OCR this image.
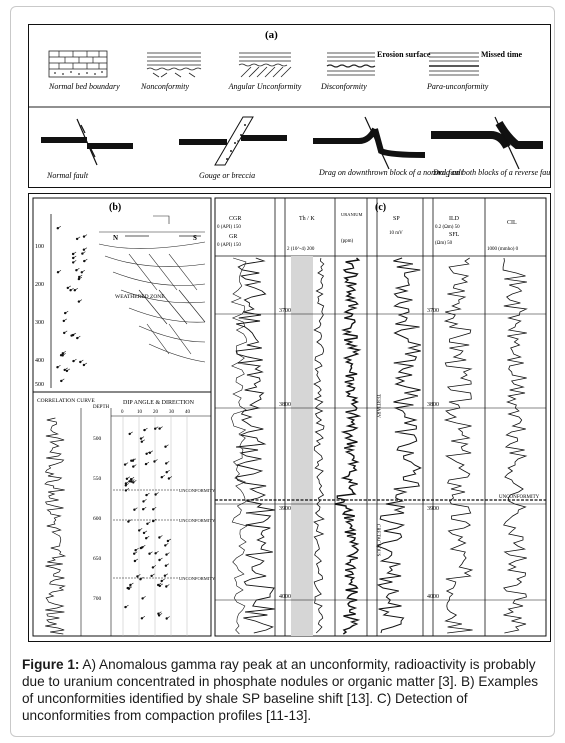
(a)
Normal bed boundary	Nonconformity	Angular Unconformity
Erosion surface
Disconformity
Missed time
Para-unconformity
Normal fault	Gouge or breccia	Drag on downthrown block of a normal fault
Drag on both blocks of a reverse fault
(b)
100
200
300
400
500
N	S
WEATHERED ZONE
CORRELATION CURVE	DIP ANGLE & DIRECTION
DEPTH
0	10 20 30 40
500
550
600
650
700
UNCONFORMITY
UNCONFORMITY
UNCONFORMITY
(c)
CGR
0 (API) 150
GR
0 (API) 150
Th / K
2 (10^-4) 200
URANIUM
(ppm)
SP
10 mV
ILD
0.2 (Ωm) 50
SFL
(Ωm) 50
CIL
1000 (mmho) 0
3700
3800
3900
4000
3700
3800
3900
4000
UNCONFORMITY
TERTIARY
CRETACEOUS
Figure 1: A) Anomalous gamma ray peak at an unconformity, radioactivity is probably due to uranium concentrated in phosphate nodules or organic matter [3]. B) Examples of unconformities identified by shale SP baseline shift [13]. C) Detection of unconformities from compaction profiles [11-13].
